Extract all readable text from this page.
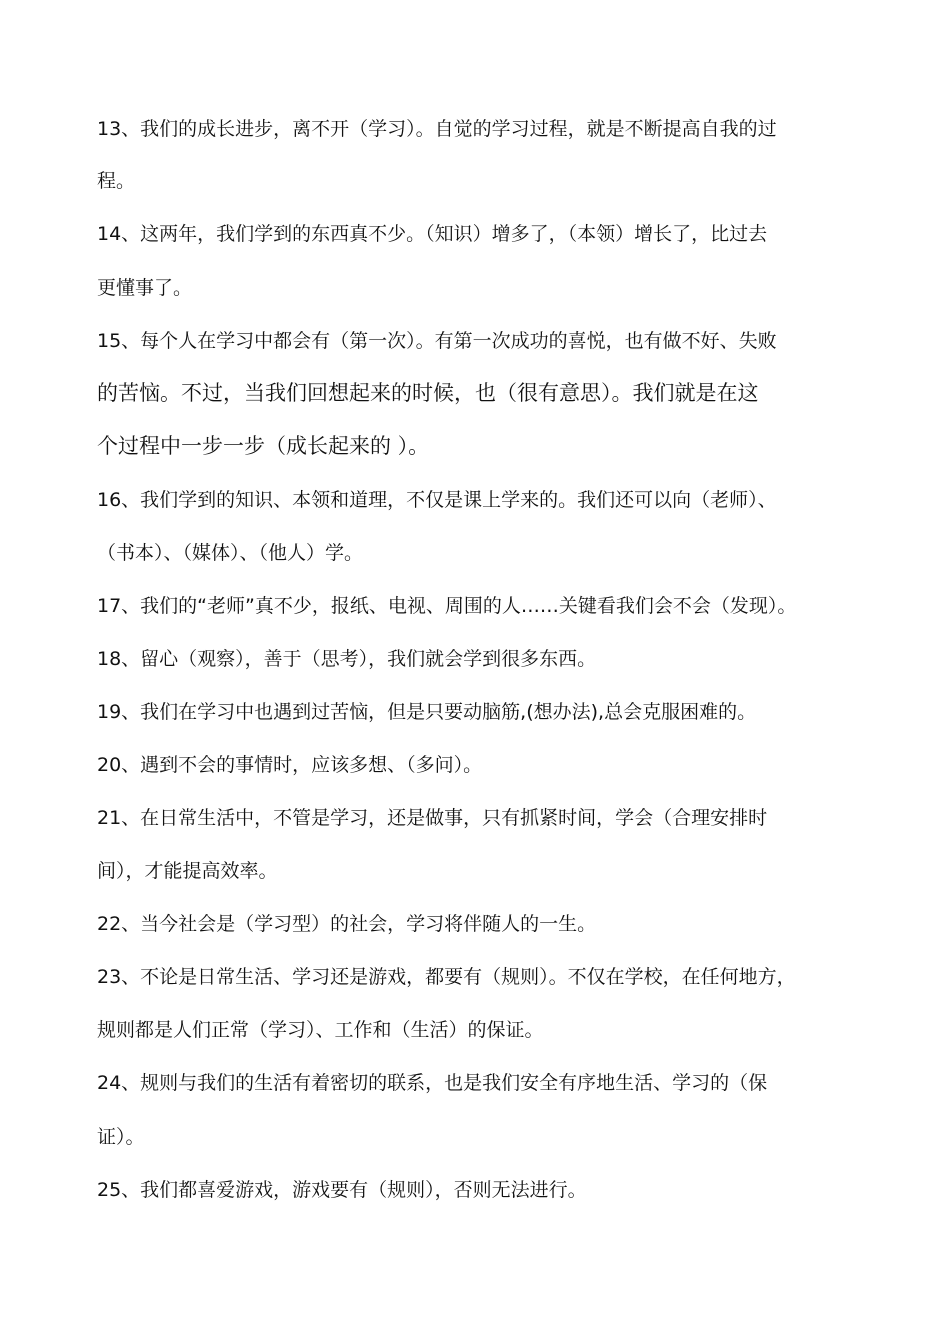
13、我们的成长进步，离不开（学习）。自觉的学习过程，就是不断提高自我的过
程。
14、这两年，我们学到的东西真不少。（知识）增多了，（本领）增长了，比过去
更懂事了。
15、每个人在学习中都会有（第一次）。有第一次成功的喜悦，也有做不好、失败
的苦恼。不过，当我们回想起来的时候，也（很有意思）。我们就是在这
个过程中一步一步（成长起来的 ）。
16、我们学到的知识、本领和道理，不仅是课上学来的。我们还可以向（老师）、
（书本）、（媒体）、（他人）学。
17、我们的“老师”真不少，报纸、电视、周围的人……关键看我们会不会（发现）。
18、留心（观察），善于（思考），我们就会学到很多东西。
19、我们在学习中也遇到过苦恼，但是只要动脑筋,(想办法),总会克服困难的。
20、遇到不会的事情时，应该多想、（多问）。
21、在日常生活中，不管是学习，还是做事，只有抓紧时间，学会（合理安排时
间），才能提高效率。
22、当今社会是（学习型）的社会，学习将伴随人的一生。
23、不论是日常生活、学习还是游戏，都要有（规则）。不仅在学校，在任何地方，
规则都是人们正常（学习）、工作和（生活）的保证。
24、规则与我们的生活有着密切的联系，也是我们安全有序地生活、学习的（保
证）。
25、我们都喜爱游戏，游戏要有（规则），否则无法进行。
